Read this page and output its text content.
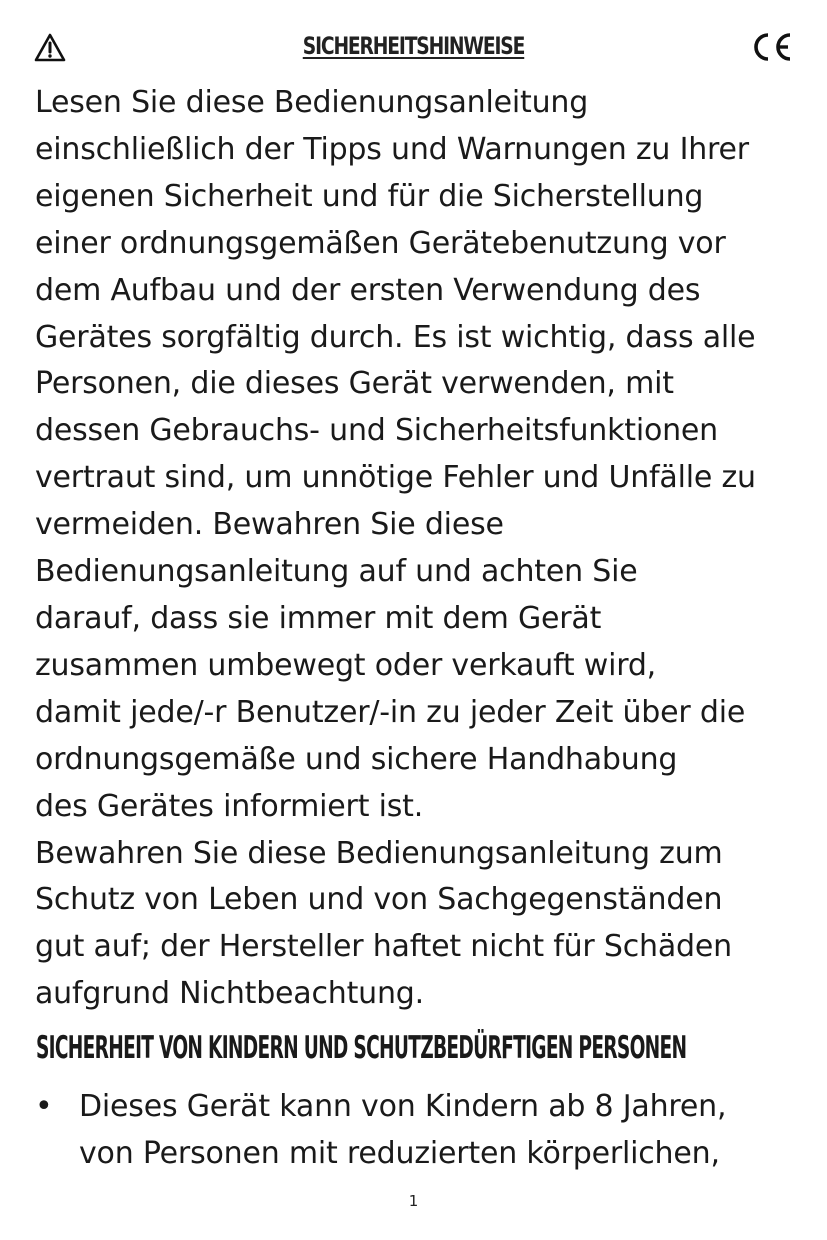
SICHERHEITSHINWEISE

Lesen Sie diese Bedienungsanleitung

einschließlich der Tipps und Warnungen zu Ihrer

eigenen Sicherheit und für die Sicherstellung

einer ordnungsgemäßen Gerätebenutzung vor

dem Aufbau und der ersten Verwendung des

Gerätes sorgfältig durch. Es ist wichtig, dass alle

Personen, die dieses Gerät verwenden, mit

dessen Gebrauchs- und Sicherheitsfunktionen

vertraut sind, um unnötige Fehler und Unfälle zu

vermeiden. Bewahren Sie diese

Bedienungsanleitung auf und achten Sie

darauf, dass sie immer mit dem Gerät

zusammen umbewegt oder verkauft wird,

damit jede/-r Benutzer/-in zu jeder Zeit über die

ordnungsgemäße und sichere Handhabung

des Gerätes informiert ist.

Bewahren Sie diese Bedienungsanleitung zum

Schutz von Leben und von Sachgegenständen

gut auf; der Hersteller haftet nicht für Schäden

aufgrund Nichtbeachtung.

SICHERHEIT VON KINDERN UND SCHUTZBEDÜRFTIGEN PERSONEN
• Dieses Gerät kann von Kindern ab 8 Jahren,
von Personen mit reduzierten körperlichen,
1
